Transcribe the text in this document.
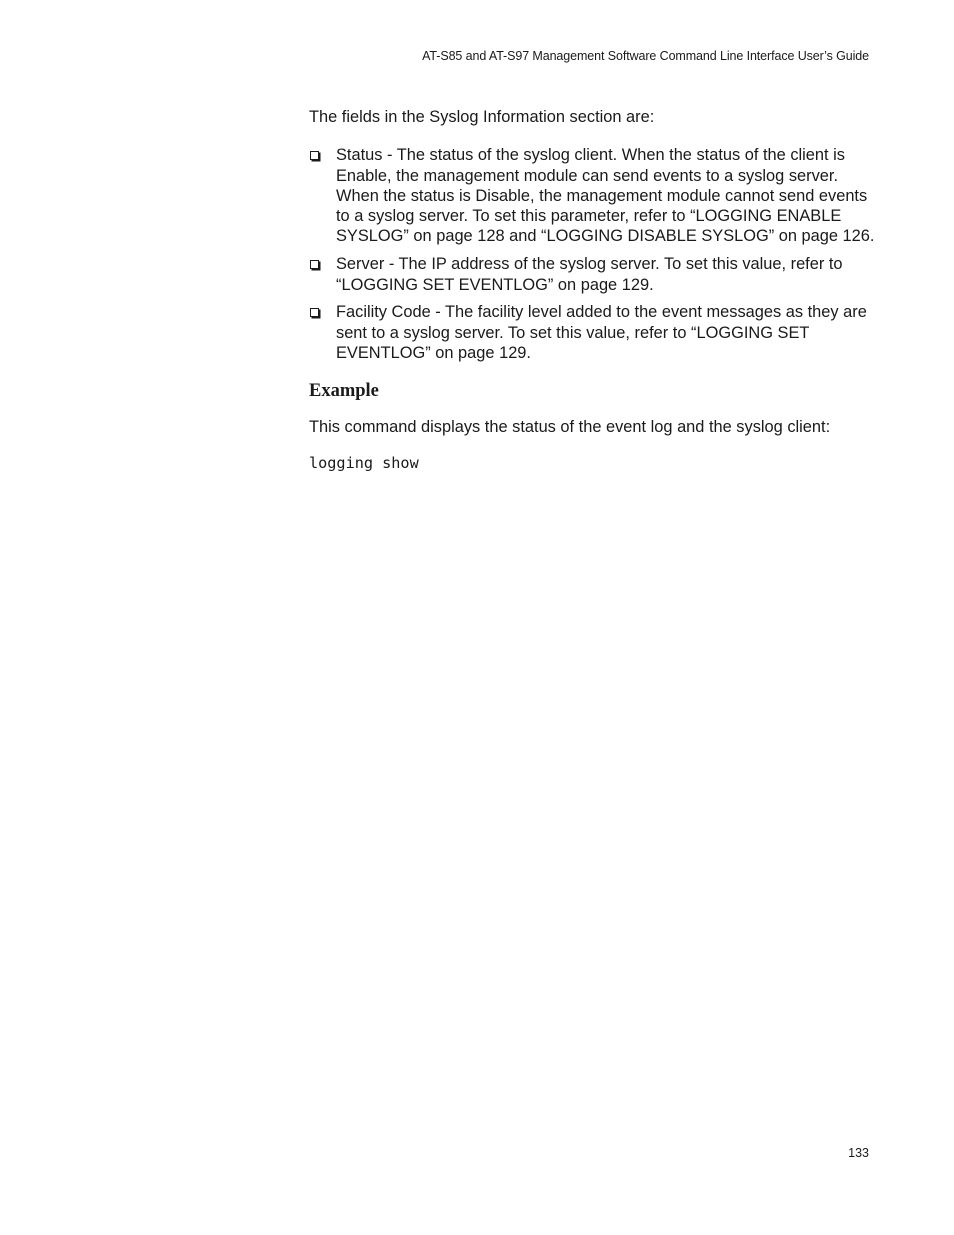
AT-S85 and AT-S97 Management Software Command Line Interface User’s Guide

The fields in the Syslog Information section are:

Status - The status of the syslog client. When the status of the client is Enable, the management module can send events to a syslog server. When the status is Disable, the management module cannot send events to a syslog server. To set this parameter, refer to “LOGGING ENABLE SYSLOG” on page 128 and “LOGGING DISABLE SYSLOG” on page 126.
Server - The IP address of the syslog server. To set this value, refer to “LOGGING SET EVENTLOG” on page 129.
Facility Code - The facility level added to the event messages as they are sent to a syslog server. To set this value, refer to “LOGGING SET EVENTLOG” on page 129.
Example

This command displays the status of the event log and the syslog client:

logging show

133
